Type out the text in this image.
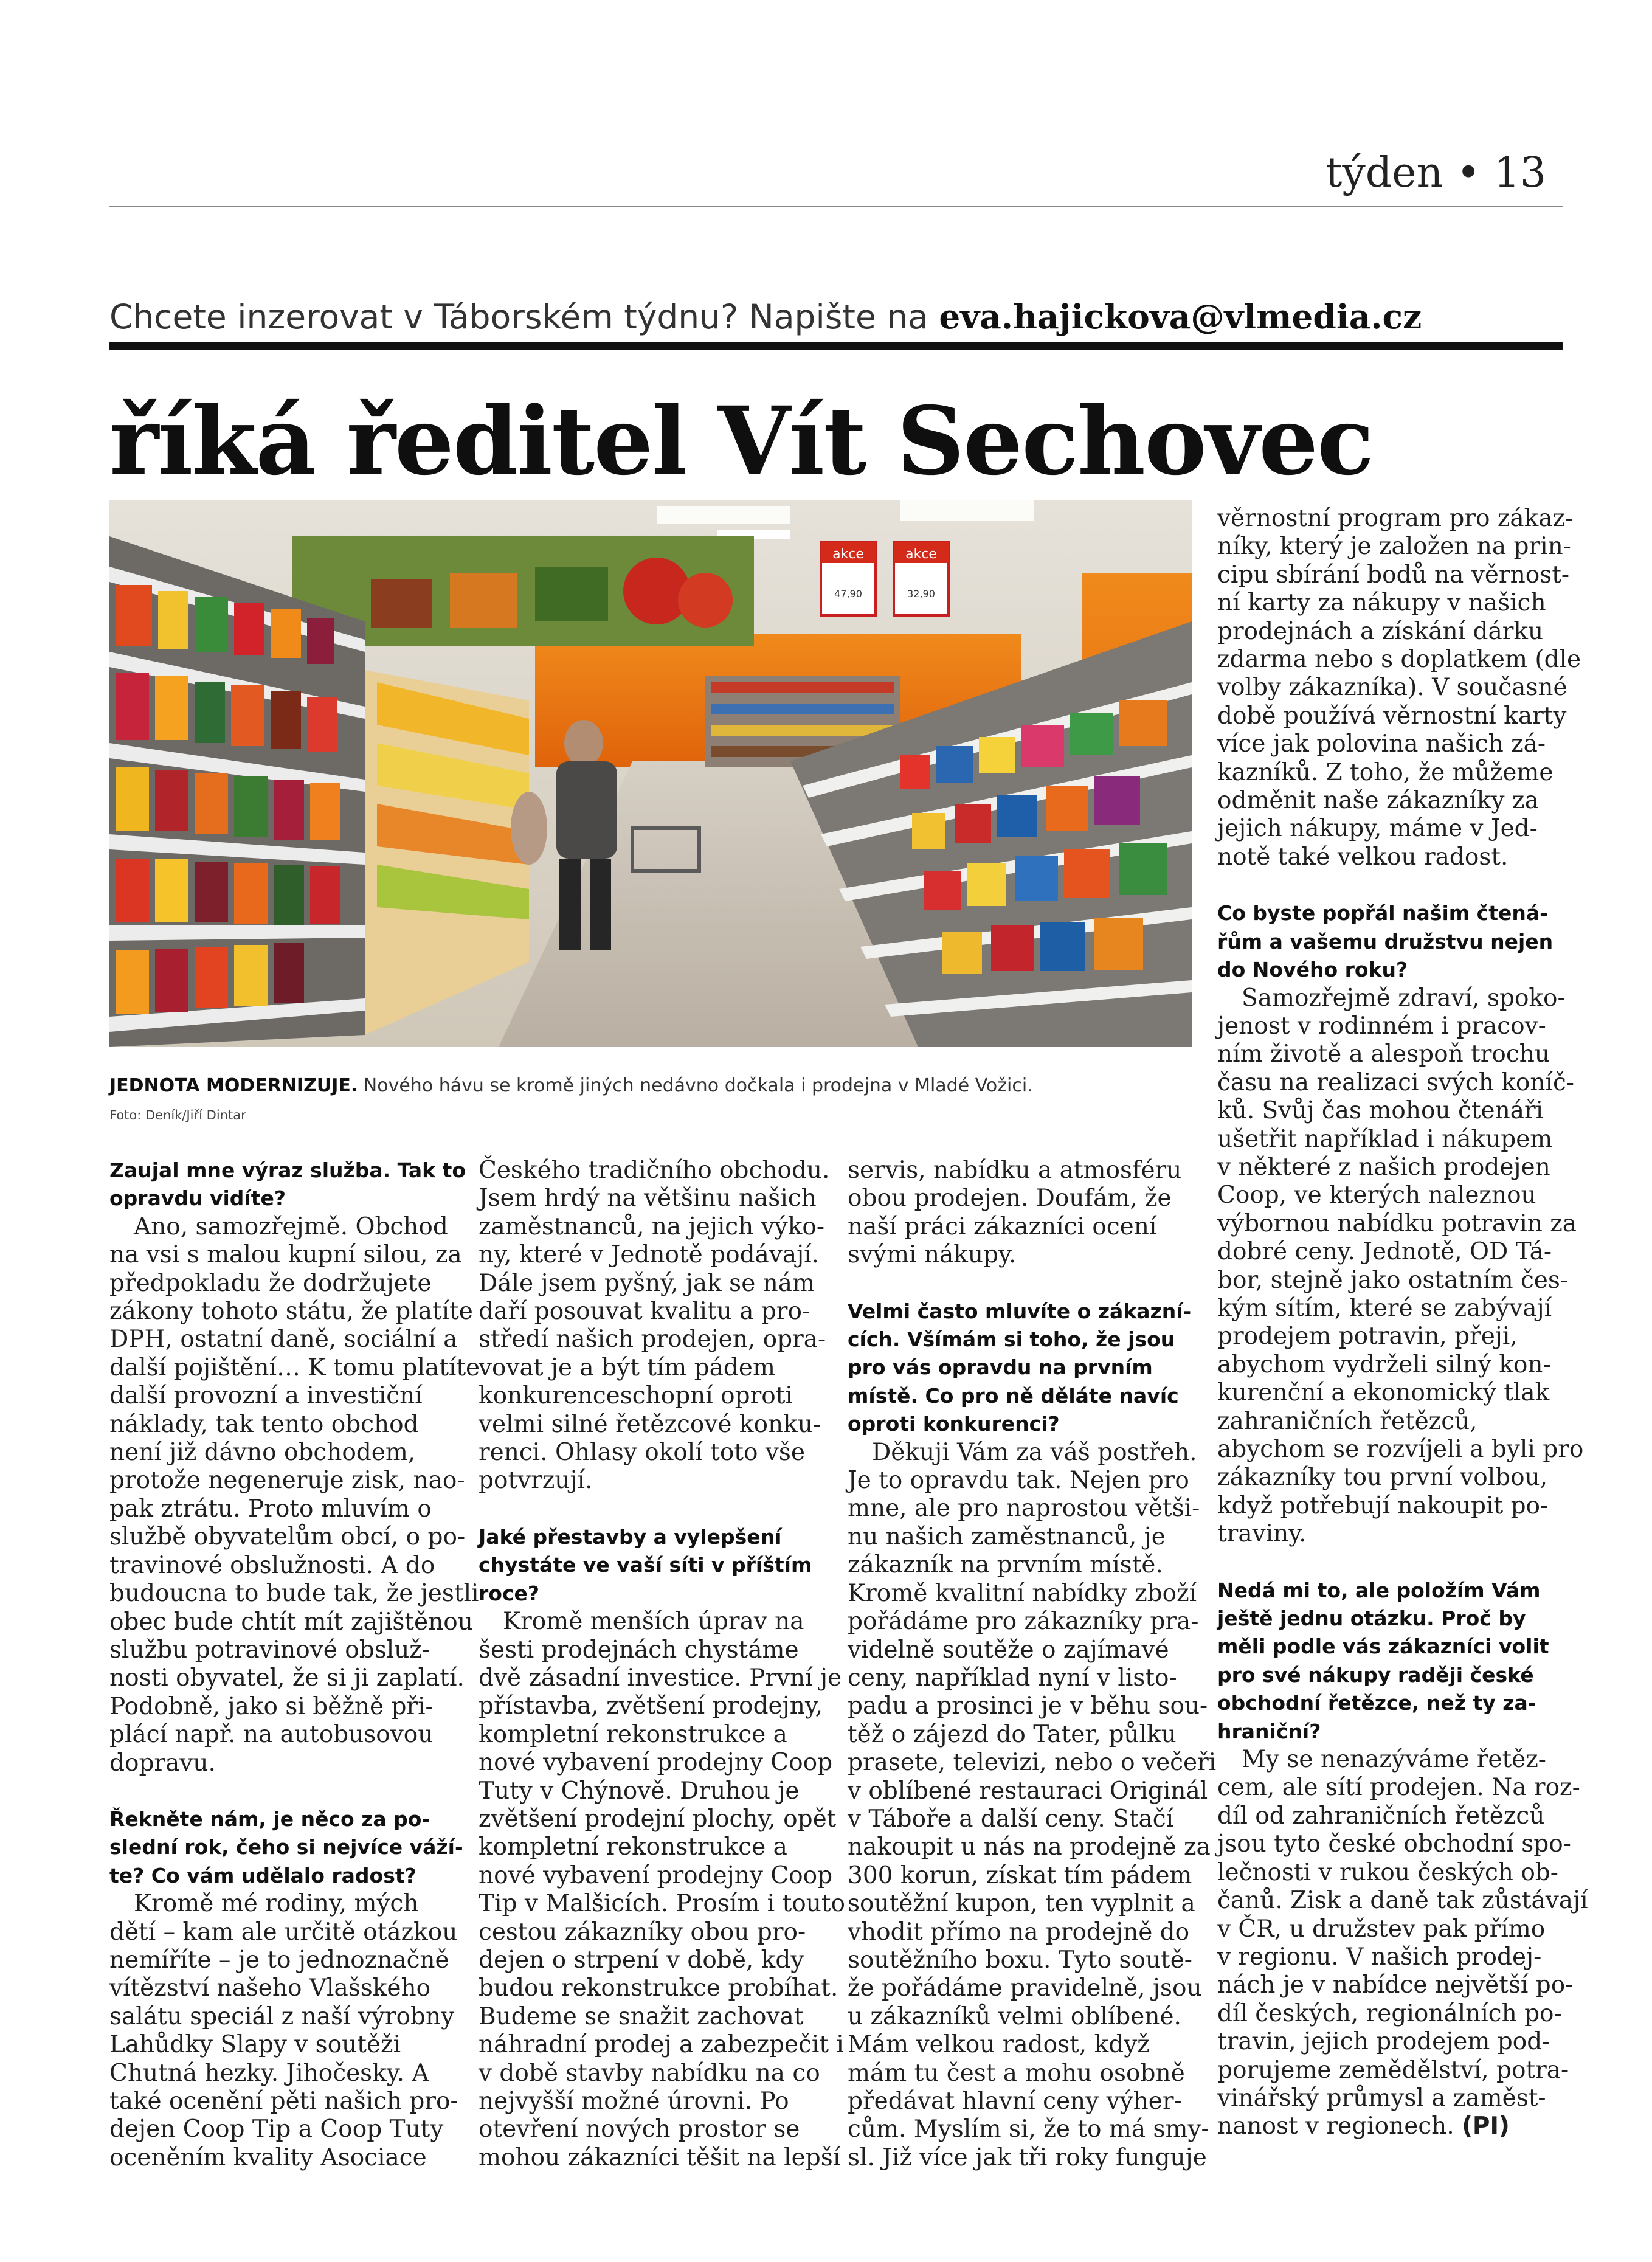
týden • 13
Chcete inzerovat v Táborském týdnu? Napište na eva.hajickova@vlmedia.cz
říká ředitel Vít Sechovec
akce
47,90
akce
32,90
JEDNOTA MODERNIZUJE. Nového hávu se kromě jiných nedávno dočkala i prodejna v Mladé Vožici.
Foto: Deník/Jiří Dintar
Zaujal mne výraz služba. Tak to
opravdu vidíte?
Ano, samozřejmě. Obchod
na vsi s malou kupní silou, za
předpokladu že dodržujete
zákony tohoto státu, že platíte
DPH, ostatní daně, sociální a
další pojištění… K tomu platíte
další provozní a investiční
náklady, tak tento obchod
není již dávno obchodem,
protože negeneruje zisk, nao-
pak ztrátu. Proto mluvím o
službě obyvatelům obcí, o po-
travinové obslužnosti. A do
budoucna to bude tak, že jestli
obec bude chtít mít zajištěnou
službu potravinové obsluž-
nosti obyvatel, že si ji zaplatí.
Podobně, jako si běžně při-
plácí např. na autobusovou
dopravu.
Řekněte nám, je něco za po-
slední rok, čeho si nejvíce váží-
te? Co vám udělalo radost?
Kromě mé rodiny, mých
dětí – kam ale určitě otázkou
nemíříte – je to jednoznačně
vítězství našeho Vlašského
salátu speciál z naší výrobny
Lahůdky Slapy v soutěži
Chutná hezky. Jihočesky. A
také ocenění pěti našich pro-
dejen Coop Tip a Coop Tuty
oceněním kvality Asociace
Českého tradičního obchodu.
Jsem hrdý na většinu našich
zaměstnanců, na jejich výko-
ny, které v Jednotě podávají.
Dále jsem pyšný, jak se nám
daří posouvat kvalitu a pro-
středí našich prodejen, opra-
vovat je a být tím pádem
konkurenceschopní oproti
velmi silné řetězcové konku-
renci. Ohlasy okolí toto vše
potvrzují.
Jaké přestavby a vylepšení
chystáte ve vaší síti v příštím
roce?
Kromě menších úprav na
šesti prodejnách chystáme
dvě zásadní investice. První je
přístavba, zvětšení prodejny,
kompletní rekonstrukce a
nové vybavení prodejny Coop
Tuty v Chýnově. Druhou je
zvětšení prodejní plochy, opět
kompletní rekonstrukce a
nové vybavení prodejny Coop
Tip v Malšicích. Prosím i touto
cestou zákazníky obou pro-
dejen o strpení v době, kdy
budou rekonstrukce probíhat.
Budeme se snažit zachovat
náhradní prodej a zabezpečit i
v době stavby nabídku na co
nejvyšší možné úrovni. Po
otevření nových prostor se
mohou zákazníci těšit na lepší
servis, nabídku a atmosféru
obou prodejen. Doufám, že
naší práci zákazníci ocení
svými nákupy.
Velmi často mluvíte o zákazní-
cích. Všímám si toho, že jsou
pro vás opravdu na prvním
místě. Co pro ně děláte navíc
oproti konkurenci?
Děkuji Vám za váš postřeh.
Je to opravdu tak. Nejen pro
mne, ale pro naprostou větši-
nu našich zaměstnanců, je
zákazník na prvním místě.
Kromě kvalitní nabídky zboží
pořádáme pro zákazníky pra-
videlně soutěže o zajímavé
ceny, například nyní v listo-
padu a prosinci je v běhu sou-
těž o zájezd do Tater, půlku
prasete, televizi, nebo o večeři
v oblíbené restauraci Originál
v Táboře a další ceny. Stačí
nakoupit u nás na prodejně za
300 korun, získat tím pádem
soutěžní kupon, ten vyplnit a
vhodit přímo na prodejně do
soutěžního boxu. Tyto soutě-
že pořádáme pravidelně, jsou
u zákazníků velmi oblíbené.
Mám velkou radost, když
mám tu čest a mohu osobně
předávat hlavní ceny výher-
cům. Myslím si, že to má smy-
sl. Již více jak tři roky funguje
věrnostní program pro zákaz-
níky, který je založen na prin-
cipu sbírání bodů na věrnost-
ní karty za nákupy v našich
prodejnách a získání dárku
zdarma nebo s doplatkem (dle
volby zákazníka). V současné
době používá věrnostní karty
více jak polovina našich zá-
kazníků. Z toho, že můžeme
odměnit naše zákazníky za
jejich nákupy, máme v Jed-
notě také velkou radost.
Co byste popřál našim čtená-
řům a vašemu družstvu nejen
do Nového roku?
Samozřejmě zdraví, spoko-
jenost v rodinném i pracov-
ním životě a alespoň trochu
času na realizaci svých koníč-
ků. Svůj čas mohou čtenáři
ušetřit například i nákupem
v některé z našich prodejen
Coop, ve kterých naleznou
výbornou nabídku potravin za
dobré ceny. Jednotě, OD Tá-
bor, stejně jako ostatním čes-
kým sítím, které se zabývají
prodejem potravin, přeji,
abychom vydrželi silný kon-
kurenční a ekonomický tlak
zahraničních řetězců,
abychom se rozvíjeli a byli pro
zákazníky tou první volbou,
když potřebují nakoupit po-
traviny.
Nedá mi to, ale položím Vám
ještě jednu otázku. Proč by
měli podle vás zákazníci volit
pro své nákupy raději české
obchodní řetězce, než ty za-
hraniční?
My se nenazýváme řetěz-
cem, ale sítí prodejen. Na roz-
díl od zahraničních řetězců
jsou tyto české obchodní spo-
lečnosti v rukou českých ob-
čanů. Zisk a daně tak zůstávají
v ČR, u družstev pak přímo
v regionu. V našich prodej-
nách je v nabídce největší po-
díl českých, regionálních po-
travin, jejich prodejem pod-
porujeme zemědělství, potra-
vinářský průmysl a zaměst-
nanost v regionech. (PI)
